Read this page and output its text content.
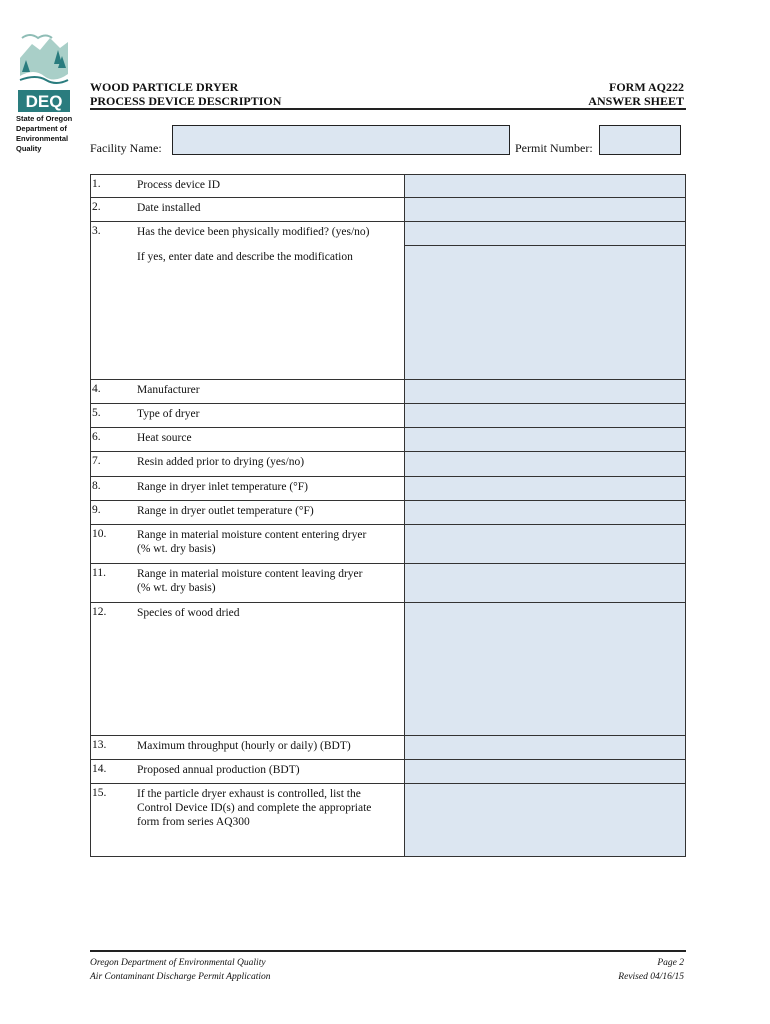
DEQ
State of Oregon
Department of
Environmental
Quality
WOOD PARTICLE DRYER
PROCESS DEVICE DESCRIPTION
FORM AQ222
ANSWER SHEET
Facility Name:	Permit Number:
1.	Process device ID	
2.	Date installed	
3.	Has the device been physically modified? (yes/no)
If yes, enter date and describe the modification	

4.	Manufacturer	
5.	Type of dryer	
6.	Heat source	
7.	Resin added prior to drying (yes/no)	
8.	Range in dryer inlet temperature (°F)	
9.	Range in dryer outlet temperature (°F)	
10.	Range in material moisture content entering dryer
(% wt. dry basis)	

11.	Range in material moisture content leaving dryer
(% wt. dry basis)	

12.	Species of wood dried	
13.	Maximum throughput (hourly or daily) (BDT)	
14.	Proposed annual production (BDT)	
15.	If the particle dryer exhaust is controlled, list the
Control Device ID(s) and complete the appropriate
form from series AQ300	

Oregon Department of Environmental Quality
Air Contaminant Discharge Permit Application
Page 2
Revised 04/16/15
